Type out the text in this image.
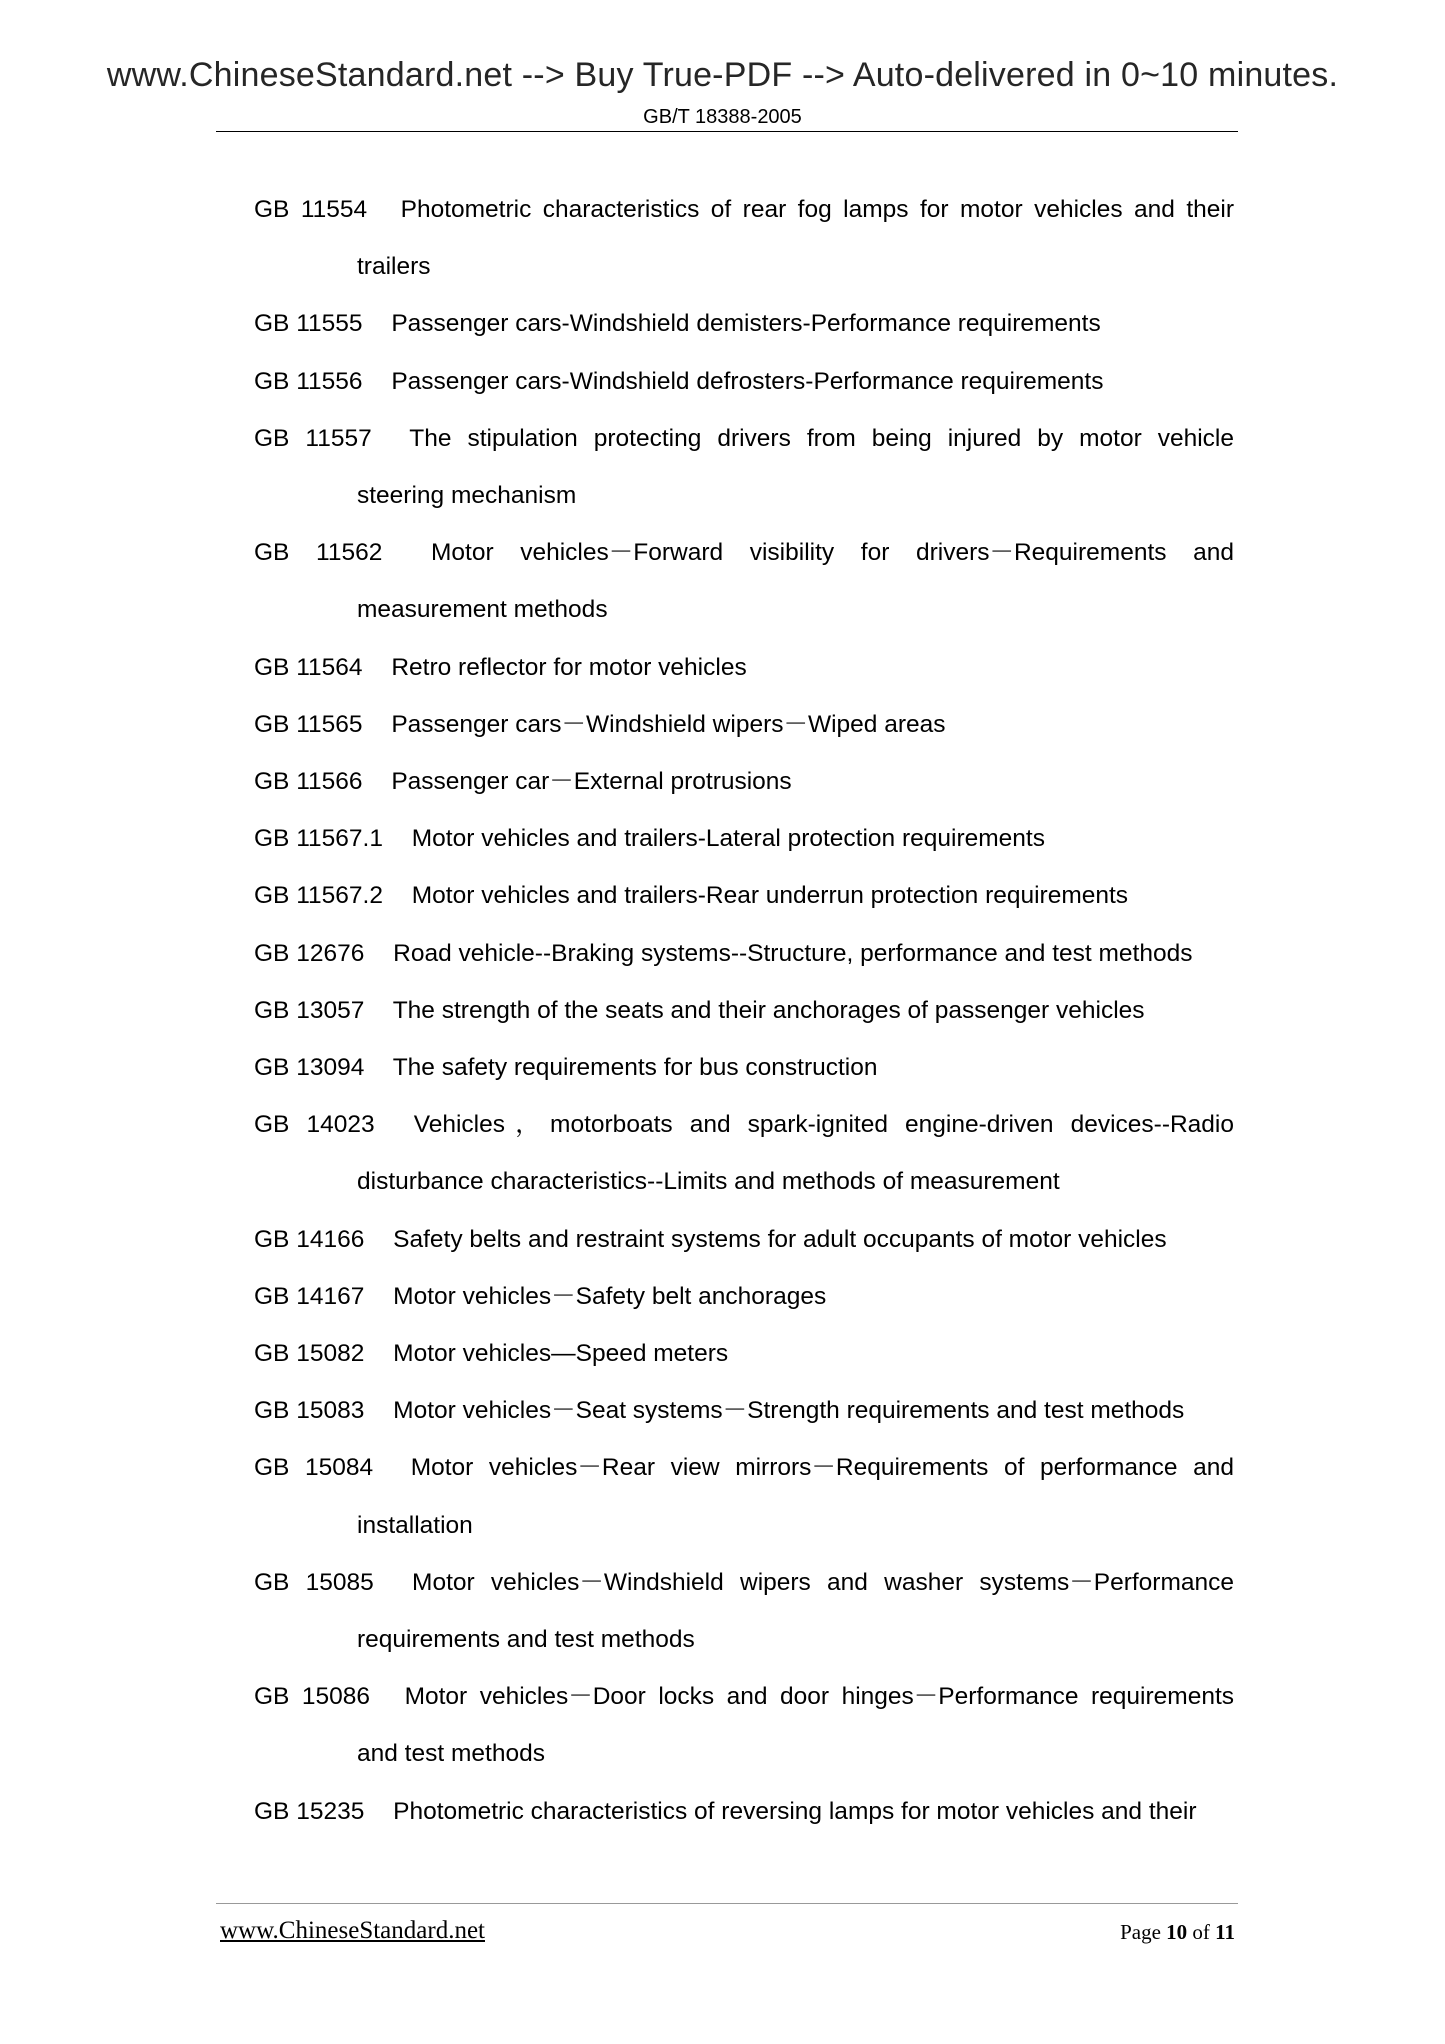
www.ChineseStandard.net --> Buy True-PDF --> Auto-delivered in 0~10 minutes.
GB/T 18388-2005
GB 11554 Photometric characteristics of rear fog lamps for motor vehicles and their
trailers
GB 11555 Passenger cars-Windshield demisters-Performance requirements
GB 11556 Passenger cars-Windshield defrosters-Performance requirements
GB 11557 The stipulation protecting drivers from being injured by motor vehicle
steering mechanism
GB 11562 Motor vehicles－Forward visibility for drivers－Requirements and
measurement methods
GB 11564 Retro reflector for motor vehicles
GB 11565 Passenger cars－Windshield wipers－Wiped areas
GB 11566 Passenger car－External protrusions
GB 11567.1 Motor vehicles and trailers-Lateral protection requirements
GB 11567.2 Motor vehicles and trailers-Rear underrun protection requirements
GB 12676 Road vehicle--Braking systems--Structure, performance and test methods
GB 13057 The strength of the seats and their anchorages of passenger vehicles
GB 13094 The safety requirements for bus construction
GB 14023 Vehicles，motorboats and spark-ignited engine-driven devices--Radio
disturbance characteristics--Limits and methods of measurement
GB 14166 Safety belts and restraint systems for adult occupants of motor vehicles
GB 14167 Motor vehicles－Safety belt anchorages
GB 15082 Motor vehicles—Speed meters
GB 15083 Motor vehicles－Seat systems－Strength requirements and test methods
GB 15084 Motor vehicles－Rear view mirrors－Requirements of performance and
installation
GB 15085 Motor vehicles－Windshield wipers and washer systems－Performance
requirements and test methods
GB 15086 Motor vehicles－Door locks and door hinges－Performance requirements
and test methods
GB 15235 Photometric characteristics of reversing lamps for motor vehicles and their
www.ChineseStandard.net	Page 10 of 11
